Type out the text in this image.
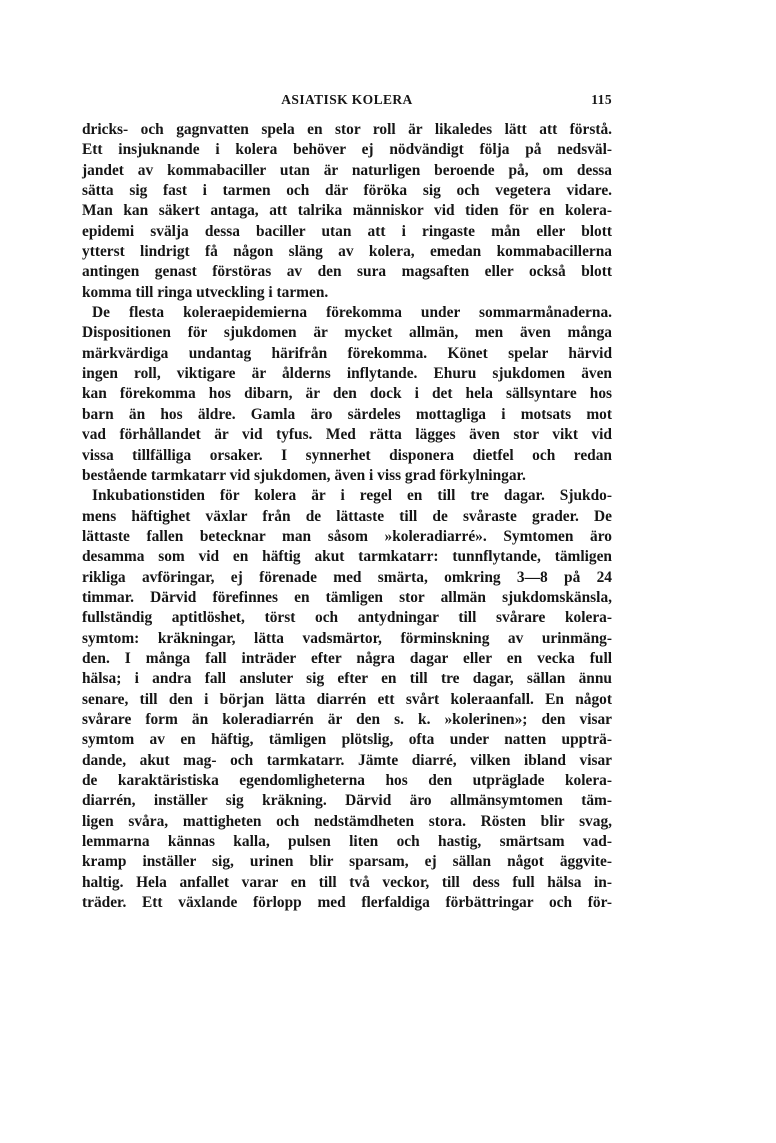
ASIATISK KOLERA	115

dricks- och gagnvatten spela en stor roll är likaledes lätt att förstå.
Ett insjuknande i kolera behöver ej nödvändigt följa på nedsväl-
jandet av kommabaciller utan är naturligen beroende på, om dessa
sätta sig fast i tarmen och där föröka sig och vegetera vidare.
Man kan säkert antaga, att talrika människor vid tiden för en kolera-
epidemi svälja dessa baciller utan att i ringaste mån eller blott
ytterst lindrigt få någon släng av kolera, emedan kommabacillerna
antingen genast förstöras av den sura magsaften eller också blott
komma till ringa utveckling i tarmen.

De flesta koleraepidemierna förekomma under sommarmånaderna.
Dispositionen för sjukdomen är mycket allmän, men även många
märkvärdiga undantag härifrån förekomma. Könet spelar härvid
ingen roll, viktigare är ålderns inflytande. Ehuru sjukdomen även
kan förekomma hos dibarn, är den dock i det hela sällsyntare hos
barn än hos äldre. Gamla äro särdeles mottagliga i motsats mot
vad förhållandet är vid tyfus. Med rätta lägges även stor vikt vid
vissa tillfälliga orsaker. I synnerhet disponera dietfel och redan
bestående tarmkatarr vid sjukdomen, även i viss grad förkylningar.

Inkubationstiden för kolera är i regel en till tre dagar. Sjukdo-
mens häftighet växlar från de lättaste till de svåraste grader. De
lättaste fallen betecknar man såsom »koleradiarré». Symtomen äro
desamma som vid en häftig akut tarmkatarr: tunnflytande, tämligen
rikliga avföringar, ej förenade med smärta, omkring 3—8 på 24
timmar. Därvid förefinnes en tämligen stor allmän sjukdomskänsla,
fullständig aptitlöshet, törst och antydningar till svårare kolera-
symtom: kräkningar, lätta vadsmärtor, förminskning av urinmäng-
den. I många fall inträder efter några dagar eller en vecka full
hälsa; i andra fall ansluter sig efter en till tre dagar, sällan ännu
senare, till den i början lätta diarrén ett svårt koleraanfall. En något
svårare form än koleradiarrén är den s. k. »kolerinen»; den visar
symtom av en häftig, tämligen plötslig, ofta under natten uppträ-
dande, akut mag- och tarmkatarr. Jämte diarré, vilken ibland visar
de karaktäristiska egendomligheterna hos den utpräglade kolera-
diarrén, inställer sig kräkning. Därvid äro allmänsymtomen täm-
ligen svåra, mattigheten och nedstämdheten stora. Rösten blir svag,
lemmarna kännas kalla, pulsen liten och hastig, smärtsam vad-
kramp inställer sig, urinen blir sparsam, ej sällan något äggvite-
haltig. Hela anfallet varar en till två veckor, till dess full hälsa in-
träder. Ett växlande förlopp med flerfaldiga förbättringar och för-
